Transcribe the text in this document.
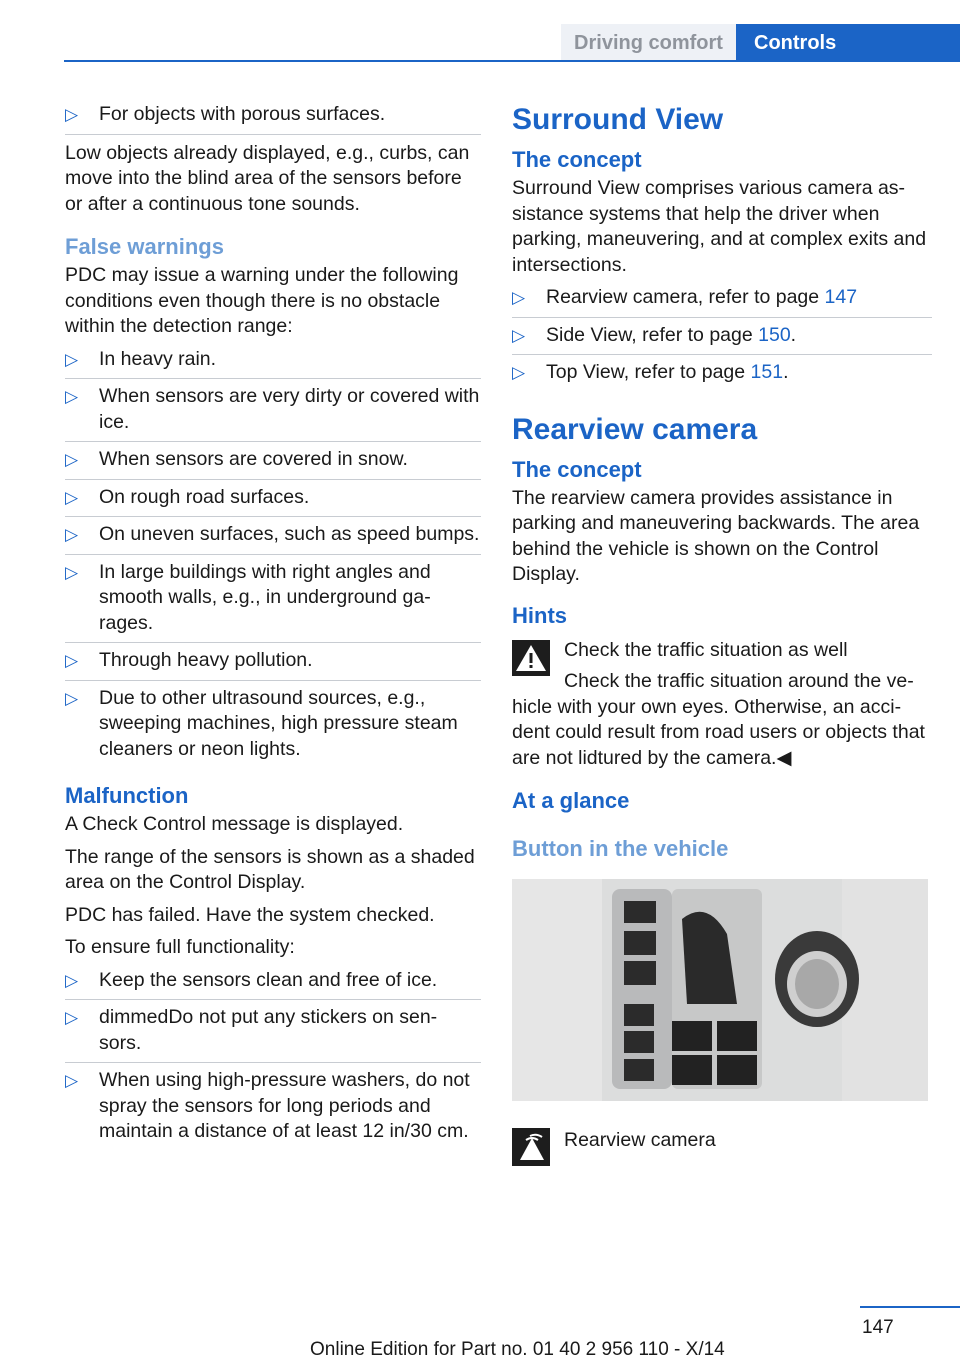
Driving comfort	Controls
▷ For objects with porous surfaces.

Low objects already displayed, e.g., curbs, can move into the blind area of the sensors before or after a continuous tone sounds.

False warnings

PDC may issue a warning under the following conditions even though there is no obstacle within the detection range:

▷ In heavy rain.
▷ When sensors are very dirty or covered with ice.
▷ When sensors are covered in snow.
▷ On rough road surfaces.
▷ On uneven surfaces, such as speed bumps.
▷ In large buildings with right angles and smooth walls, e.g., in underground ga‐ rages.
▷ Through heavy pollution.
▷ Due to other ultrasound sources, e.g., sweeping machines, high pressure steam cleaners or neon lights.
Malfunction

A Check Control message is displayed.

The range of the sensors is shown as a shaded area on the Control Display.

PDC has failed. Have the system checked.

To ensure full functionality:

▷ Keep the sensors clean and free of ice.
▷ dimmedDo not put any stickers on sen‐ sors.
▷ When using high-pressure washers, do not spray the sensors for long periods and maintain a distance of at least 12 in/30 cm.
Surround View
The concept

Surround View comprises various camera as‐ sistance systems that help the driver when parking, maneuvering, and at complex exits and intersections.

▷ Rearview camera, refer to page 147
▷ Side View, refer to page 150.
▷ Top View, refer to page 151.
Rearview camera
The concept

The rearview camera provides assistance in parking and maneuvering backwards. The area behind the vehicle is shown on the Control Display.

Hints

Check the traffic situation as well

Check the traffic situation around the ve‐

hicle with your own eyes. Otherwise, an acci‐ dent could result from road users or objects that are not lidtured by the camera.◀

At a glance
Button in the vehicle

Rearview camera

147
Online Edition for Part no. 01 40 2 956 110 - X/14
